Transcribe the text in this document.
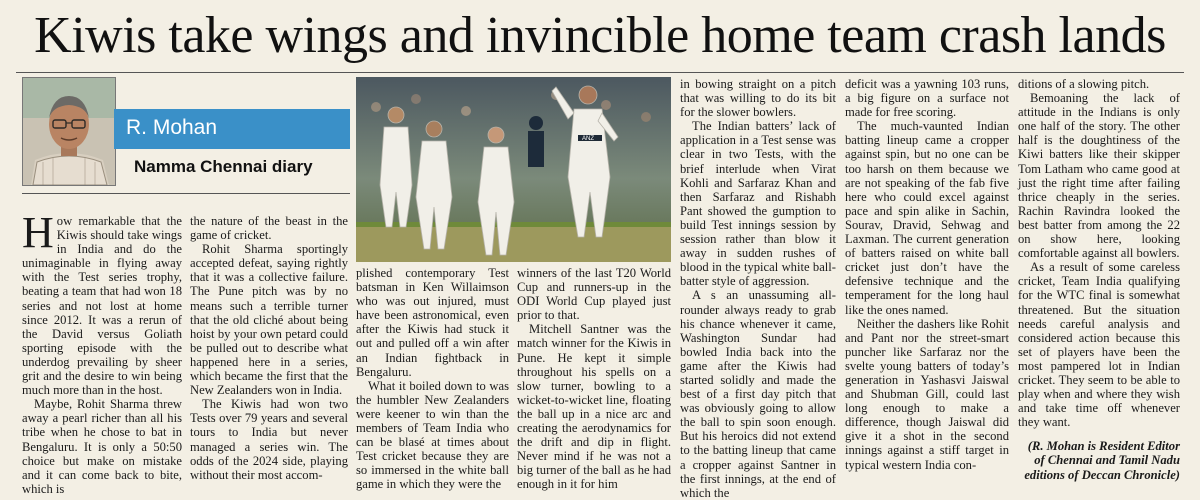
Kiwis take wings and invincible home team crash lands
R. Mohan
Namma Chennai diary
ANZ

How remarkable that the Kiwis should take wings in India and do the unimaginable in flying away with the Test series trophy, beating a team that had won 18 series and not lost at home since 2012. It was a rerun of the David versus Goliath sporting episode with the underdog prevailing by sheer grit and the desire to win being much more than in the host.

Maybe, Rohit Sharma threw away a pearl richer than all his tribe when he chose to bat in Bengaluru. It is only a 50:50 choice but make on mistake and it can come back to bite, which is

the nature of the beast in the game of cricket.

Rohit Sharma sportingly accepted defeat, saying rightly that it was a collective failure. The Pune pitch was by no means such a terrible turner that the old cliché about being hoist by your own petard could be pulled out to describe what happened here in a series, which became the first that the New Zealanders won in India.

The Kiwis had won two Tests over 79 years and several tours to India but never managed a series win. The odds of the 2024 side, playing without their most accom-

plished contemporary Test batsman in Ken Willaimson who was out injured, must have been astronomical, even after the Kiwis had stuck it out and pulled off a win after an Indian fightback in Bengaluru.

What it boiled down to was the humbler New Zealanders were keener to win than the members of Team India who can be blasé at times about Test cricket because they are so immersed in the white ball game in which they were the

winners of the last T20 World Cup and runners-up in the ODI World Cup played just prior to that.

Mitchell Santner was the match winner for the Kiwis in Pune. He kept it simple throughout his spells on a slow turner, bowling to a wicket-to-wicket line, floating the ball up in a nice arc and creating the aerodynamics for the drift and dip in flight. Never mind if he was not a big turner of the ball as he had enough in it for him

in bowing straight on a pitch that was willing to do its bit for the slower bowlers.

The Indian batters’ lack of application in a Test sense was clear in two Tests, with the brief interlude when Virat Kohli and Sarfaraz Khan and then Sarfaraz and Rishabh Pant showed the gumption to build Test innings session by session rather than blow it away in sudden rushes of blood in the typical white ball-batter style of aggression.

A s an unassuming all-rounder always ready to grab his chance whenever it came, Washington Sundar had bowled India back into the game after the Kiwis had started solidly and made the best of a first day pitch that was obviously going to allow the ball to spin soon enough. But his heroics did not extend to the batting lineup that came a cropper against Santner in the first innings, at the end of which the

deficit was a yawning 103 runs, a big figure on a surface not made for free scoring.

The much-vaunted Indian batting lineup came a cropper against spin, but no one can be too harsh on them because we are not speaking of the fab five here who could excel against pace and spin alike in Sachin, Sourav, Dravid, Sehwag and Laxman. The current generation of batters raised on white ball cricket just don’t have the defensive technique and the temperament for the long haul like the ones named.

Neither the dashers like Rohit and Pant nor the street-smart puncher like Sarfaraz nor the svelte young batters of today’s generation in Yashasvi Jaiswal and Shubman Gill, could last long enough to make a difference, though Jaiswal did give it a shot in the second innings against a stiff target in typical western India con-

ditions of a slowing pitch.

Bemoaning the lack of attitude in the Indians is only one half of the story. The other half is the doughtiness of the Kiwi batters like their skipper Tom Latham who came good at just the right time after failing thrice cheaply in the series. Rachin Ravindra looked the best batter from among the 22 on show here, looking comfortable against all bowlers.

As a result of some careless cricket, Team India qualifying for the WTC final is somewhat threatened. But the situation needs careful analysis and considered action because this set of players have been the most pampered lot in Indian cricket. They seem to be able to play when and where they wish and take time off whenever they want.

(R. Mohan is Resident Editor of Chennai and Tamil Nadu editions of Deccan Chronicle)
